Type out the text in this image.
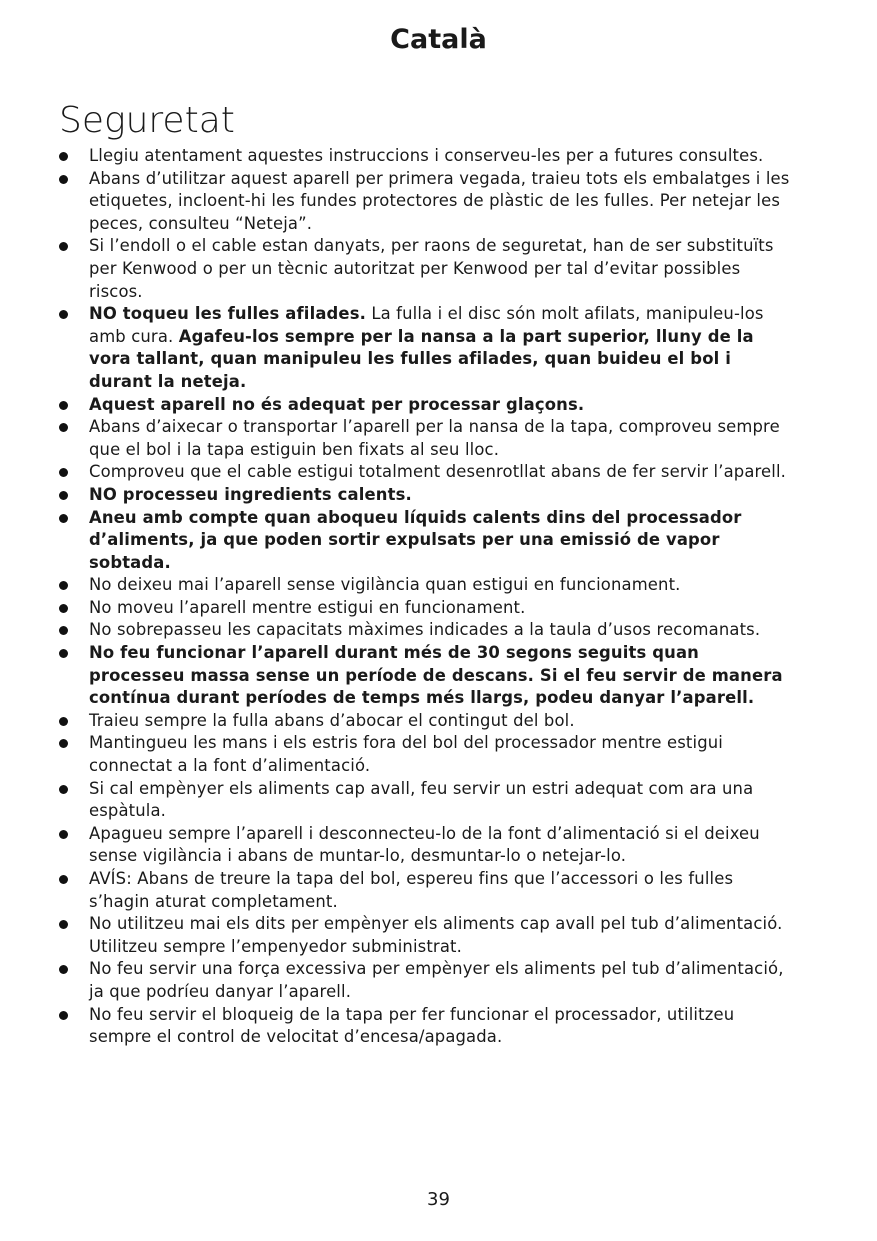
Català
Seguretat
Llegiu atentament aquestes instruccions i conserveu-les per a futures consultes.
Abans d’utilitzar aquest aparell per primera vegada, traieu tots els embalatges i les etiquetes, incloent-hi les fundes protectores de plàstic de les fulles. Per netejar les peces, consulteu “Neteja”.
Si l’endoll o el cable estan danyats, per raons de seguretat, han de ser substituïts per Kenwood o per un tècnic autoritzat per Kenwood per tal d’evitar possibles riscos.
NO toqueu les fulles afilades. La fulla i el disc són molt afilats, manipuleu-los amb cura. Agafeu-los sempre per la nansa a la part superior, lluny de la vora tallant, quan manipuleu les fulles afilades, quan buideu el bol i durant la neteja.
Aquest aparell no és adequat per processar glaçons.
Abans d’aixecar o transportar l’aparell per la nansa de la tapa, comproveu sempre que el bol i la tapa estiguin ben fixats al seu lloc.
Comproveu que el cable estigui totalment desenrotllat abans de fer servir l’aparell.
NO processeu ingredients calents.
Aneu amb compte quan aboqueu líquids calents dins del processador d’aliments, ja que poden sortir expulsats per una emissió de vapor sobtada.
No deixeu mai l’aparell sense vigilància quan estigui en funcionament.
No moveu l’aparell mentre estigui en funcionament.
No sobrepasseu les capacitats màximes indicades a la taula d’usos recomanats.
No feu funcionar l’aparell durant més de 30 segons seguits quan processeu massa sense un període de descans. Si el feu servir de manera contínua durant períodes de temps més llargs, podeu danyar l’aparell.
Traieu sempre la fulla abans d’abocar el contingut del bol.
Mantingueu les mans i els estris fora del bol del processador mentre estigui connectat a la font d’alimentació.
Si cal empènyer els aliments cap avall, feu servir un estri adequat com ara una espàtula.
Apagueu sempre l’aparell i desconnecteu-lo de la font d’alimentació si el deixeu sense vigilància i abans de muntar-lo, desmuntar-lo o netejar-lo.
AVÍS: Abans de treure la tapa del bol, espereu fins que l’accessori o les fulles s’hagin aturat completament.
No utilitzeu mai els dits per empènyer els aliments cap avall pel tub d’alimentació. Utilitzeu sempre l’empenyedor subministrat.
No feu servir una força excessiva per empènyer els aliments pel tub d’alimentació, ja que podríeu danyar l’aparell.
No feu servir el bloqueig de la tapa per fer funcionar el processador, utilitzeu sempre el control de velocitat d’encesa/apagada.
39
